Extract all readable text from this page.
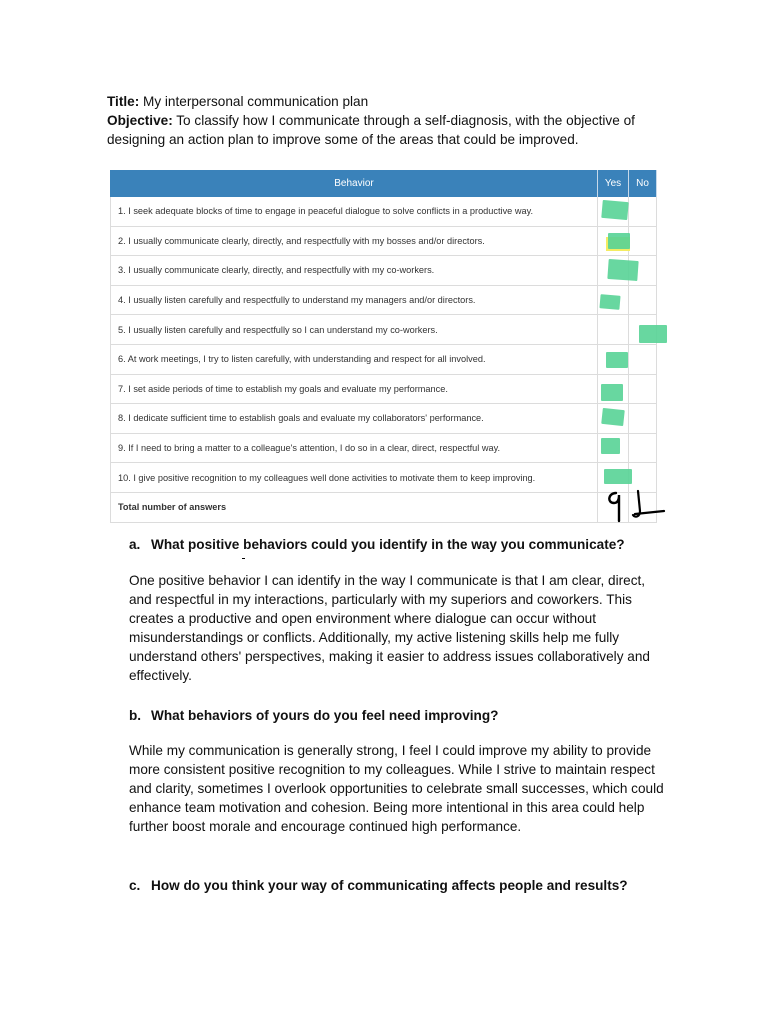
Title: My interpersonal communication plan
Objective: To classify how I communicate through a self-diagnosis, with the objective of designing an action plan to improve some of the areas that could be improved.
Behavior	Yes	No
1. I seek adequate blocks of time to engage in peaceful dialogue to solve conflicts in a productive way.	

2. I usually communicate clearly, directly, and respectfully with my bosses and/or directors.	

3. I usually communicate clearly, directly, and respectfully with my co-workers.	

4. I usually listen carefully and respectfully to understand my managers and/or directors.	

5. I usually listen carefully and respectfully so I can understand my co-workers.		

6. At work meetings, I try to listen carefully, with understanding and respect for all involved.	

7. I set aside periods of time to establish my goals and evaluate my performance.	

8. I dedicate sufficient time to establish goals and evaluate my collaborators' performance.	

9. If I need to bring a matter to a colleague's attention, I do so in a clear, direct, respectful way.	

10. I give positive recognition to my colleagues well done activities to motivate them to keep improving.	

Total number of answers		
a. What positive behaviors could you identify in the way you communicate?

One positive behavior I can identify in the way I communicate is that I am clear, direct, and respectful in my interactions, particularly with my superiors and coworkers. This creates a productive and open environment where dialogue can occur without misunderstandings or conflicts. Additionally, my active listening skills help me fully understand others' perspectives, making it easier to address issues collaboratively and effectively.

b. What behaviors of yours do you feel need improving?

While my communication is generally strong, I feel I could improve my ability to provide more consistent positive recognition to my colleagues. While I strive to maintain respect and clarity, sometimes I overlook opportunities to celebrate small successes, which could enhance team motivation and cohesion. Being more intentional in this area could help further boost morale and encourage continued high performance.

c. How do you think your way of communicating affects people and results?
